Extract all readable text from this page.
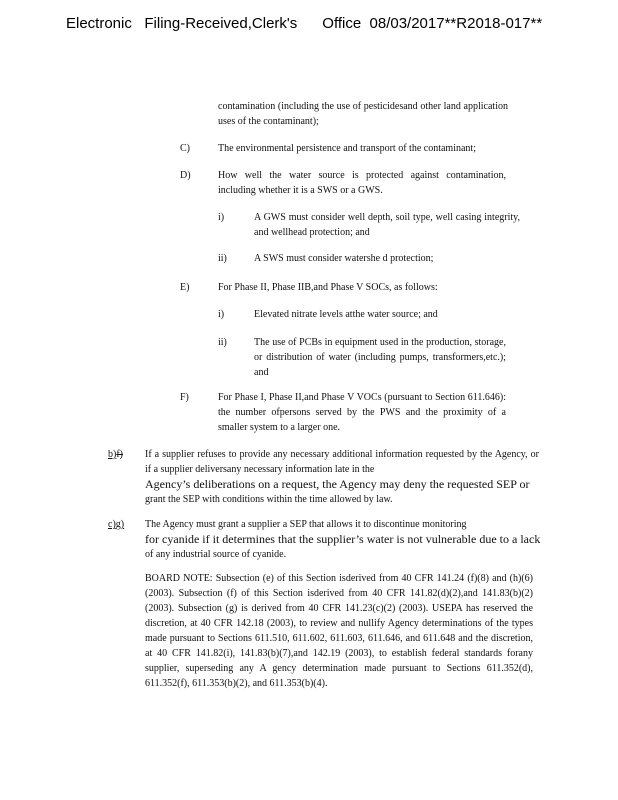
Electronic   Filing-Received,Clerk's      Office  08/03/2017**R2018-017**
contamination (including the use of pesticidesand other land application uses of the contaminant);
C)	The environmental persistence and transport of the contaminant;
D)	How well the water source is protected against contamination, including whether it is a SWS or a GWS.
i)	A GWS must consider well depth, soil type, well casing integrity, and wellhead protection; and
ii)	A SWS must consider watershe d protection;
E)	For Phase II, Phase IIB,and Phase V SOCs, as follows:
i)	Elevated nitrate levels atthe water source; and
ii)	The use of PCBs in equipment used in the production, storage, or distribution of water (including pumps, transformers,etc.); and
F)	For Phase I, Phase II,and Phase V VOCs (pursuant to Section 611.646): the number ofpersons served by the PWS and the proximity of a smaller system to a larger one.
b)f) If a supplier refuses to provide any necessary additional information requested by the Agency, or if a supplier deliversany necessary information late in the
Agency’s deliberations on a request, the Agency may deny the requested SEP or
grant the SEP with conditions within the time allowed by law.
c)g) The Agency must grant a supplier a SEP that allows it to discontinue monitoring
for cyanide if it determines that the supplier’s water is not vulnerable due to a lack
of any industrial source of cyanide.
BOARD NOTE: Subsection (e) of this Section isderived from 40 CFR 141.24 (f)(8) and (h)(6) (2003). Subsection (f) of this Section isderived from 40 CFR 141.82(d)(2),and 141.83(b)(2)(2003). Subsection (g) is derived from 40 CFR 141.23(c)(2) (2003). USEPA has reserved the discretion, at 40 CFR 142.18 (2003), to review and nullify Agency determinations of the types made pursuant to Sections 611.510, 611.602, 611.603, 611.646, and 611.648 and the discretion, at 40 CFR 141.82(i), 141.83(b)(7),and 142.19 (2003), to establish federal standards forany supplier, superseding any A gency determination made pursuant to Sections 611.352(d), 611.352(f), 611.353(b)(2), and 611.353(b)(4).
